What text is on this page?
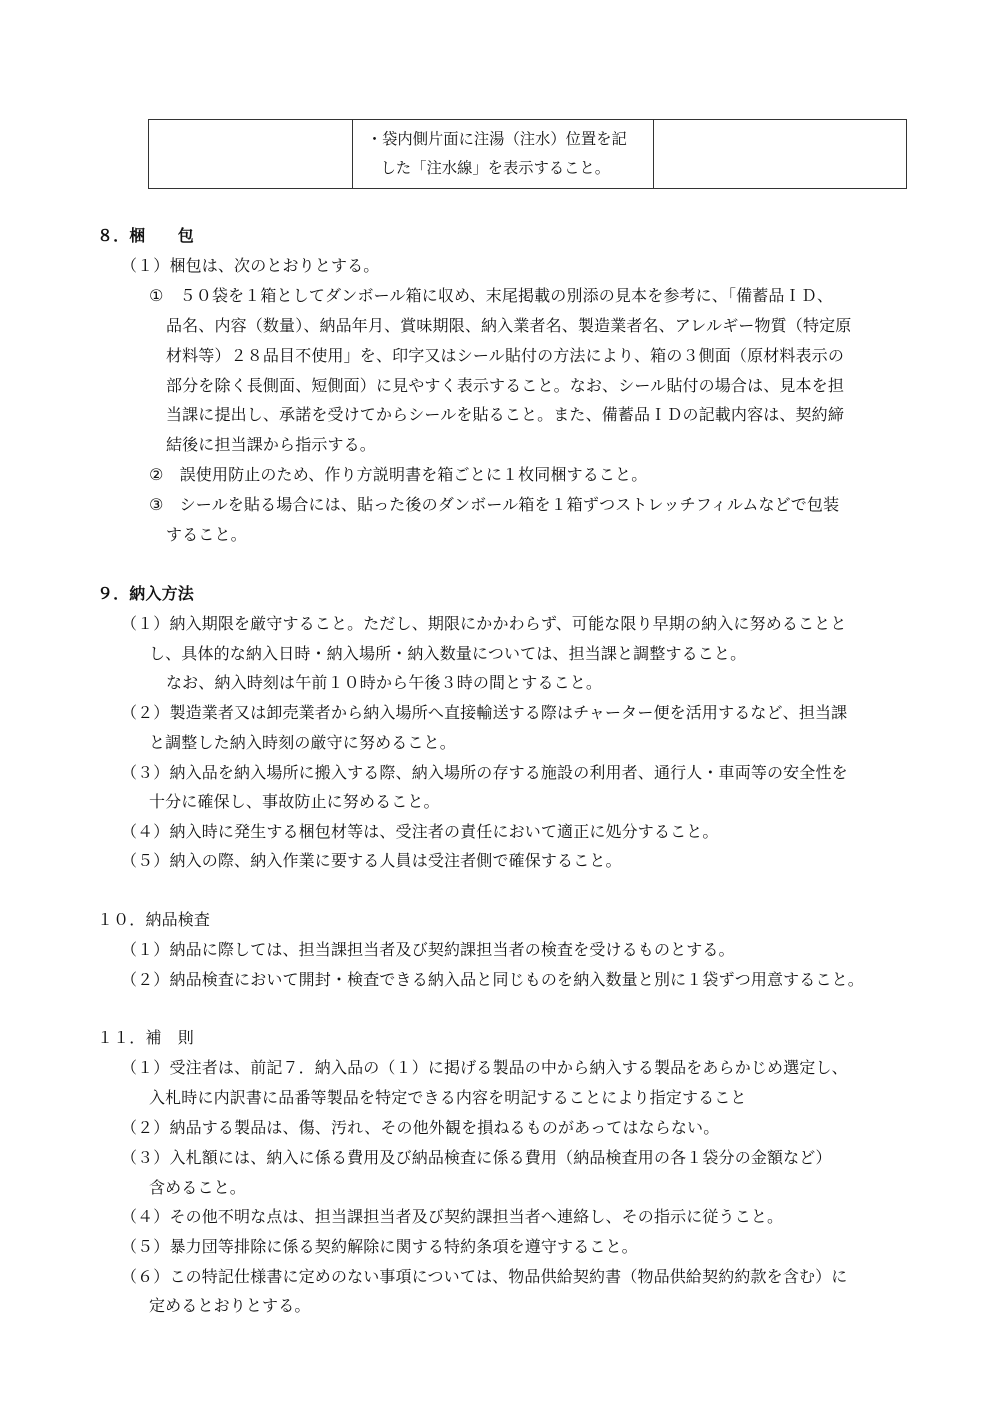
・袋内側片面に注湯（注水）位置を記
した「注水線」を表示すること。

８．梱　　包
（１）梱包は、次のとおりとする。
①　５０袋を１箱としてダンボール箱に収め、末尾掲載の別添の見本を参考に、「備蓄品ＩＤ、
品名、内容（数量）、納品年月、賞味期限、納入業者名、製造業者名、アレルギー物質（特定原
材料等）２８品目不使用」を、印字又はシール貼付の方法により、箱の３側面（原材料表示の
部分を除く長側面、短側面）に見やすく表示すること。なお、シール貼付の場合は、見本を担
当課に提出し、承諾を受けてからシールを貼ること。また、備蓄品ＩＤの記載内容は、契約締
結後に担当課から指示する。
②　誤使用防止のため、作り方説明書を箱ごとに１枚同梱すること。
③　シールを貼る場合には、貼った後のダンボール箱を１箱ずつストレッチフィルムなどで包装
すること。
９．納入方法
（１）納入期限を厳守すること。ただし、期限にかかわらず、可能な限り早期の納入に努めることと
し、具体的な納入日時・納入場所・納入数量については、担当課と調整すること。
なお、納入時刻は午前１０時から午後３時の間とすること。
（２）製造業者又は卸売業者から納入場所へ直接輸送する際はチャーター便を活用するなど、担当課
と調整した納入時刻の厳守に努めること。
（３）納入品を納入場所に搬入する際、納入場所の存する施設の利用者、通行人・車両等の安全性を
十分に確保し、事故防止に努めること。
（４）納入時に発生する梱包材等は、受注者の責任において適正に処分すること。
（５）納入の際、納入作業に要する人員は受注者側で確保すること。
１０．納品検査
（１）納品に際しては、担当課担当者及び契約課担当者の検査を受けるものとする。
（２）納品検査において開封・検査できる納入品と同じものを納入数量と別に１袋ずつ用意すること。
１１．補　則
（１）受注者は、前記７．納入品の（１）に掲げる製品の中から納入する製品をあらかじめ選定し、
入札時に内訳書に品番等製品を特定できる内容を明記することにより指定すること
（２）納品する製品は、傷、汚れ、その他外観を損ねるものがあってはならない。
（３）入札額には、納入に係る費用及び納品検査に係る費用（納品検査用の各１袋分の金額など）
含めること。
（４）その他不明な点は、担当課担当者及び契約課担当者へ連絡し、その指示に従うこと。
（５）暴力団等排除に係る契約解除に関する特約条項を遵守すること。
（６）この特記仕様書に定めのない事項については、物品供給契約書（物品供給契約約款を含む）に
定めるとおりとする。
